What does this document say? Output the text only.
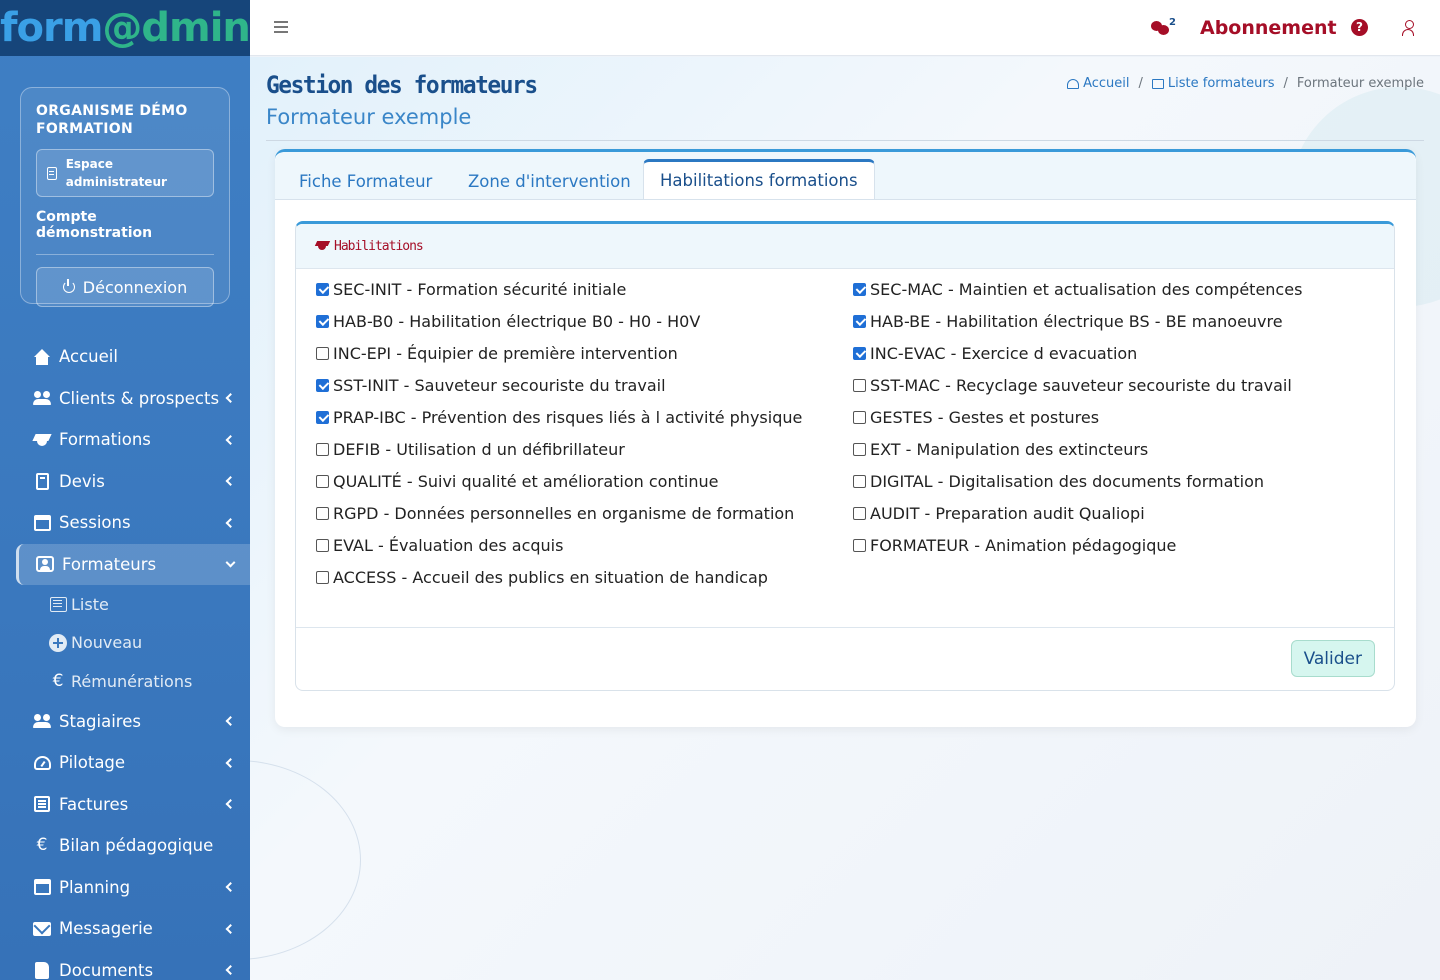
form@dmin
ORGANISME DÉMO FORMATION
Espace administrateur
Compte démonstration
Déconnexion
Accueil
Clients & prospects
Formations
Devis
Sessions
Formateurs
Liste
Nouveau
€ Rémunérations
Stagiaires
Pilotage
Factures
€ Bilan pédagogique
Planning
Messagerie
Documents
2 Abonnement	?
Gestion des formateurs
Formateur exemple
Accueil / Liste formateurs / Formateur exemple
Fiche Formateur	Zone d'intervention	Habilitations formations
Habilitations
SEC-INIT - Formation sécurité initiale
HAB-B0 - Habilitation électrique B0 - H0 - H0V
INC-EPI - Équipier de première intervention
SST-INIT - Sauveteur secouriste du travail
PRAP-IBC - Prévention des risques liés à l activité physique
DEFIB - Utilisation d un défibrillateur
QUALITÉ - Suivi qualité et amélioration continue
RGPD - Données personnelles en organisme de formation
EVAL - Évaluation des acquis
ACCESS - Accueil des publics en situation de handicap
SEC-MAC - Maintien et actualisation des compétences
HAB-BE - Habilitation électrique BS - BE manoeuvre
INC-EVAC - Exercice d evacuation
SST-MAC - Recyclage sauveteur secouriste du travail
GESTES - Gestes et postures
EXT - Manipulation des extincteurs
DIGITAL - Digitalisation des documents formation
AUDIT - Preparation audit Qualiopi
FORMATEUR - Animation pédagogique
Valider
